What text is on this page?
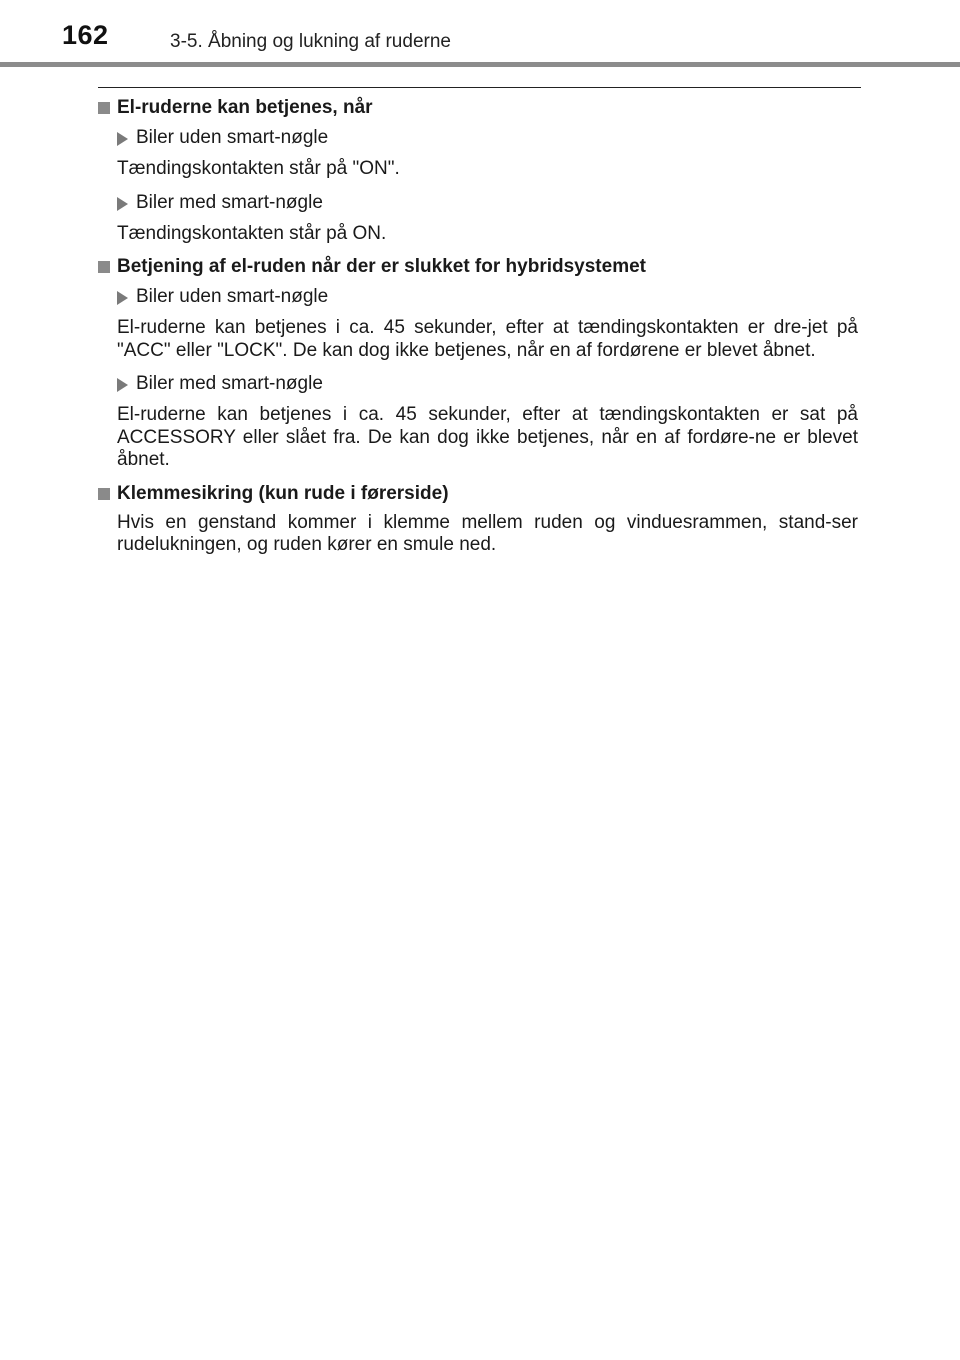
162	3-5. Åbning og lukning af ruderne
El-ruderne kan betjenes, når
Biler uden smart-nøgle

Tændingskontakten står på "ON".

Biler med smart-nøgle

Tændingskontakten står på ON.

Betjening af el-ruden når der er slukket for hybridsystemet
Biler uden smart-nøgle

El-ruderne kan betjenes i ca. 45 sekunder, efter at tændingskontakten er dre-jet på "ACC" eller "LOCK". De kan dog ikke betjenes, når en af fordørene er blevet åbnet.

Biler med smart-nøgle

El-ruderne kan betjenes i ca. 45 sekunder, efter at tændingskontakten er sat på ACCESSORY eller slået fra. De kan dog ikke betjenes, når en af fordøre-ne er blevet åbnet.

Klemmesikring (kun rude i førerside)

Hvis en genstand kommer i klemme mellem ruden og vinduesrammen, stand-ser rudelukningen, og ruden kører en smule ned.
